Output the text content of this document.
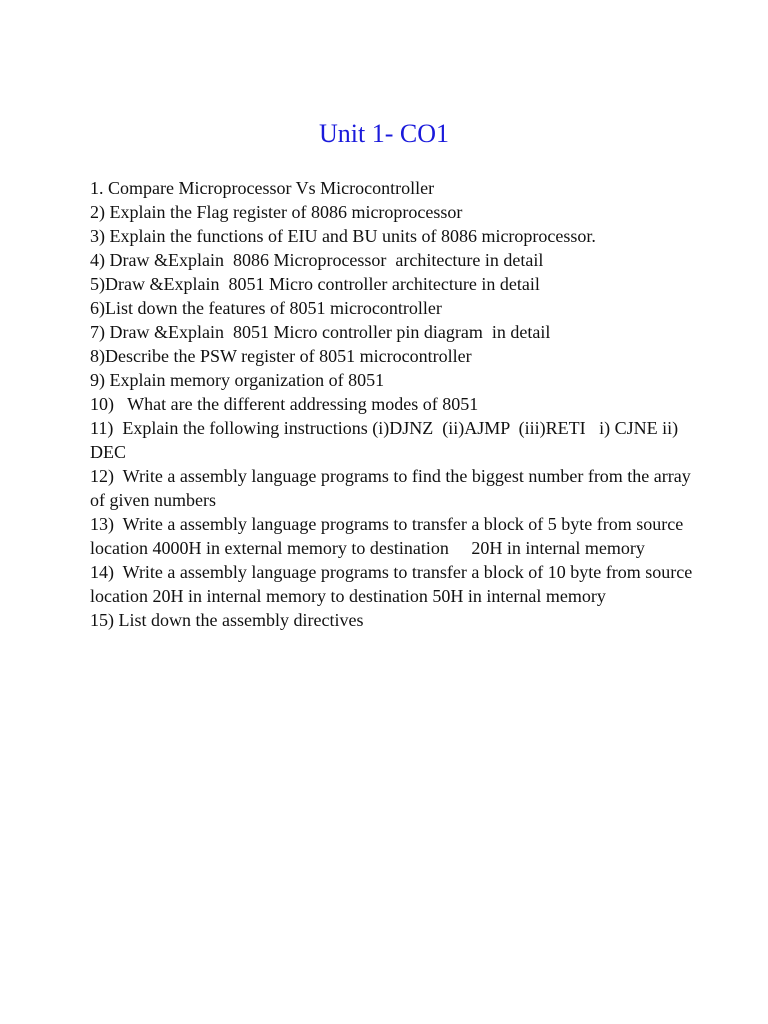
Unit 1- CO1
1. Compare Microprocessor Vs Microcontroller
2) Explain the Flag register of 8086 microprocessor
3) Explain the functions of EIU and BU units of 8086 microprocessor.
4) Draw &Explain  8086 Microprocessor  architecture in detail
5)Draw &Explain  8051 Micro controller architecture in detail
6)List down the features of 8051 microcontroller
7) Draw &Explain  8051 Micro controller pin diagram  in detail
8)Describe the PSW register of 8051 microcontroller
9) Explain memory organization of 8051
10)   What are the different addressing modes of 8051
11)  Explain the following instructions (i)DJNZ  (ii)AJMP  (iii)RETI   i) CJNE ii) DEC
12)  Write a assembly language programs to find the biggest number from the array of given numbers
13)  Write a assembly language programs to transfer a block of 5 byte from source location 4000H in external memory to destination     20H in internal memory
14)  Write a assembly language programs to transfer a block of 10 byte from source location 20H in internal memory to destination 50H in internal memory
15) List down the assembly directives
